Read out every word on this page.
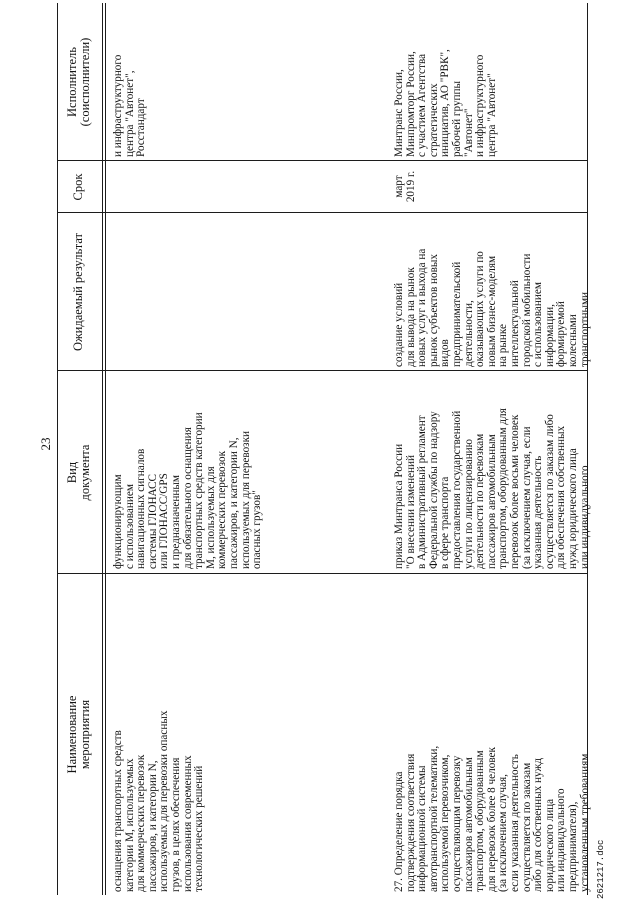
23
Наименование
мероприятия
Вид
документа
Ожидаемый результат
Срок
Исполнитель
(соисполнители)
оснащения транспортных средств
категории М, используемых
для коммерческих перевозок
пассажиров, и категории N,
используемых для перевозки опасных
грузов, в целях обеспечения
использования современных
технологических решений
функционирующим
с использованием
навигационных сигналов
системы ГЛОНАСС
или ГЛОНАСС/GPS
и предназначенным
для обязательного оснащения
транспортных средств категории
М, используемых для
коммерческих перевозок
пассажиров, и категории N,
используемых для перевозки
опасных грузов"
и инфраструктурного
центра "Автонет",
Росстандарт
27. Определение порядка
подтверждения соответствия
информационной системы
автотранспортной телематики,
используемой перевозчиком,
осуществляющим перевозку
пассажиров автомобильным
транспортом, оборудованным
для перевозок более 8 человек
(за исключением случая,
если указанная деятельность
осуществляется по заказам
либо для собственных нужд
юридического лица
или индивидуального
предпринимателя),
установленным требованиям
приказ Минтранса России
"О внесении изменений
в Административный регламент
Федеральной службы по надзору
в сфере транспорта
предоставления государственной
услуги по лицензированию
деятельности по перевозкам
пассажиров автомобильным
транспортом, оборудованным для
перевозок более восьми человек
(за исключением случая, если
указанная деятельность
осуществляется по заказам либо
для обеспечения собственных
нужд юридического лица
или индивидуального
создание условий
для вывода на рынок
новых услуг и выхода на
рынок субъектов новых
видов
предпринимательской
деятельности,
оказывающих услуги по
новым бизнес-моделям
на рынке
интеллектуальной
городской мобильности
с использованием
информации,
формируемой
колесными
транспортными
март
2019 г.
Минтранс России,
Минпромторг России,
с участием Агентства
стратегических
инициатив, АО "РВК",
рабочей группы
"Автонет"
и инфраструктурного
центра "Автонет"
2621217.doc
